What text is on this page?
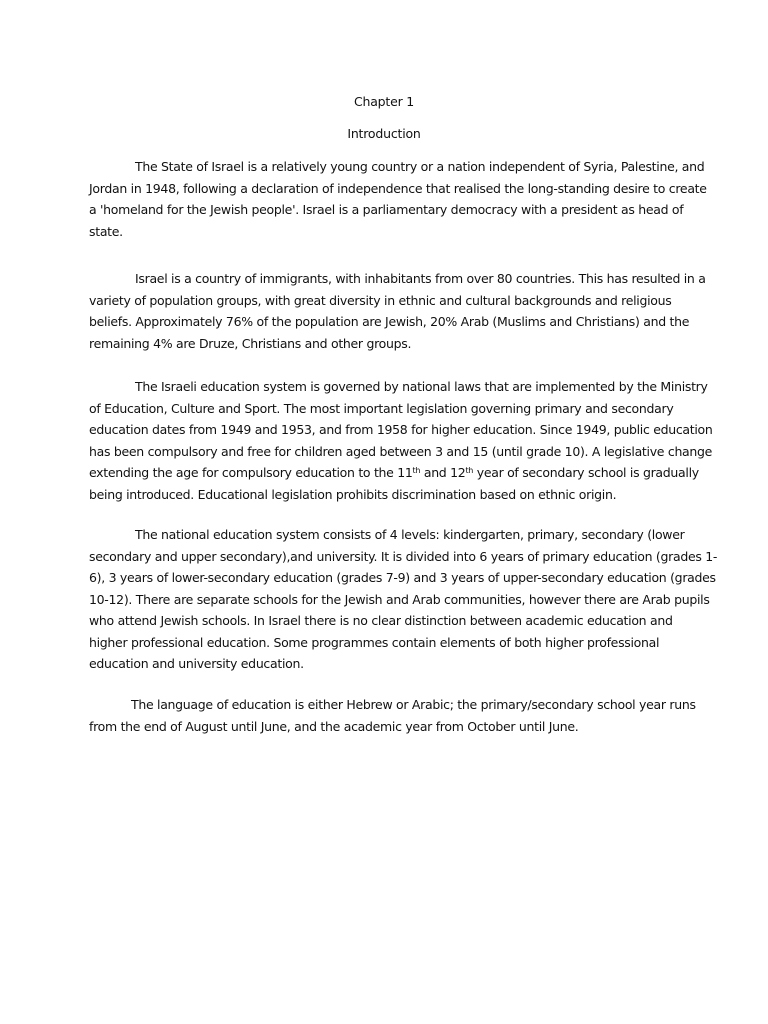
Chapter 1
Introduction
The State of Israel is a relatively young country or a nation independent of Syria, Palestine, and
Jordan in 1948, following a declaration of independence that realised the long-standing desire to create
a 'homeland for the Jewish people'. Israel is a parliamentary democracy with a president as head of
state.
Israel is a country of immigrants, with inhabitants from over 80 countries. This has resulted in a
variety of population groups, with great diversity in ethnic and cultural backgrounds and religious
beliefs. Approximately 76% of the population are Jewish, 20% Arab (Muslims and Christians) and the
remaining 4% are Druze, Christians and other groups.
The Israeli education system is governed by national laws that are implemented by the Ministry
of Education, Culture and Sport. The most important legislation governing primary and secondary
education dates from 1949 and 1953, and from 1958 for higher education. Since 1949, public education
has been compulsory and free for children aged between 3 and 15 (until grade 10). A legislative change
extending the age for compulsory education to the 11th and 12th year of secondary school is gradually
being introduced. Educational legislation prohibits discrimination based on ethnic origin.
The national education system consists of 4 levels: kindergarten, primary, secondary (lower
secondary and upper secondary),and university. It is divided into 6 years of primary education (grades 1-
6), 3 years of lower-secondary education (grades 7-9) and 3 years of upper-secondary education (grades
10-12). There are separate schools for the Jewish and Arab communities, however there are Arab pupils
who attend Jewish schools. In Israel there is no clear distinction between academic education and
higher professional education. Some programmes contain elements of both higher professional
education and university education.
The language of education is either Hebrew or Arabic; the primary/secondary school year runs
from the end of August until June, and the academic year from October until June.
